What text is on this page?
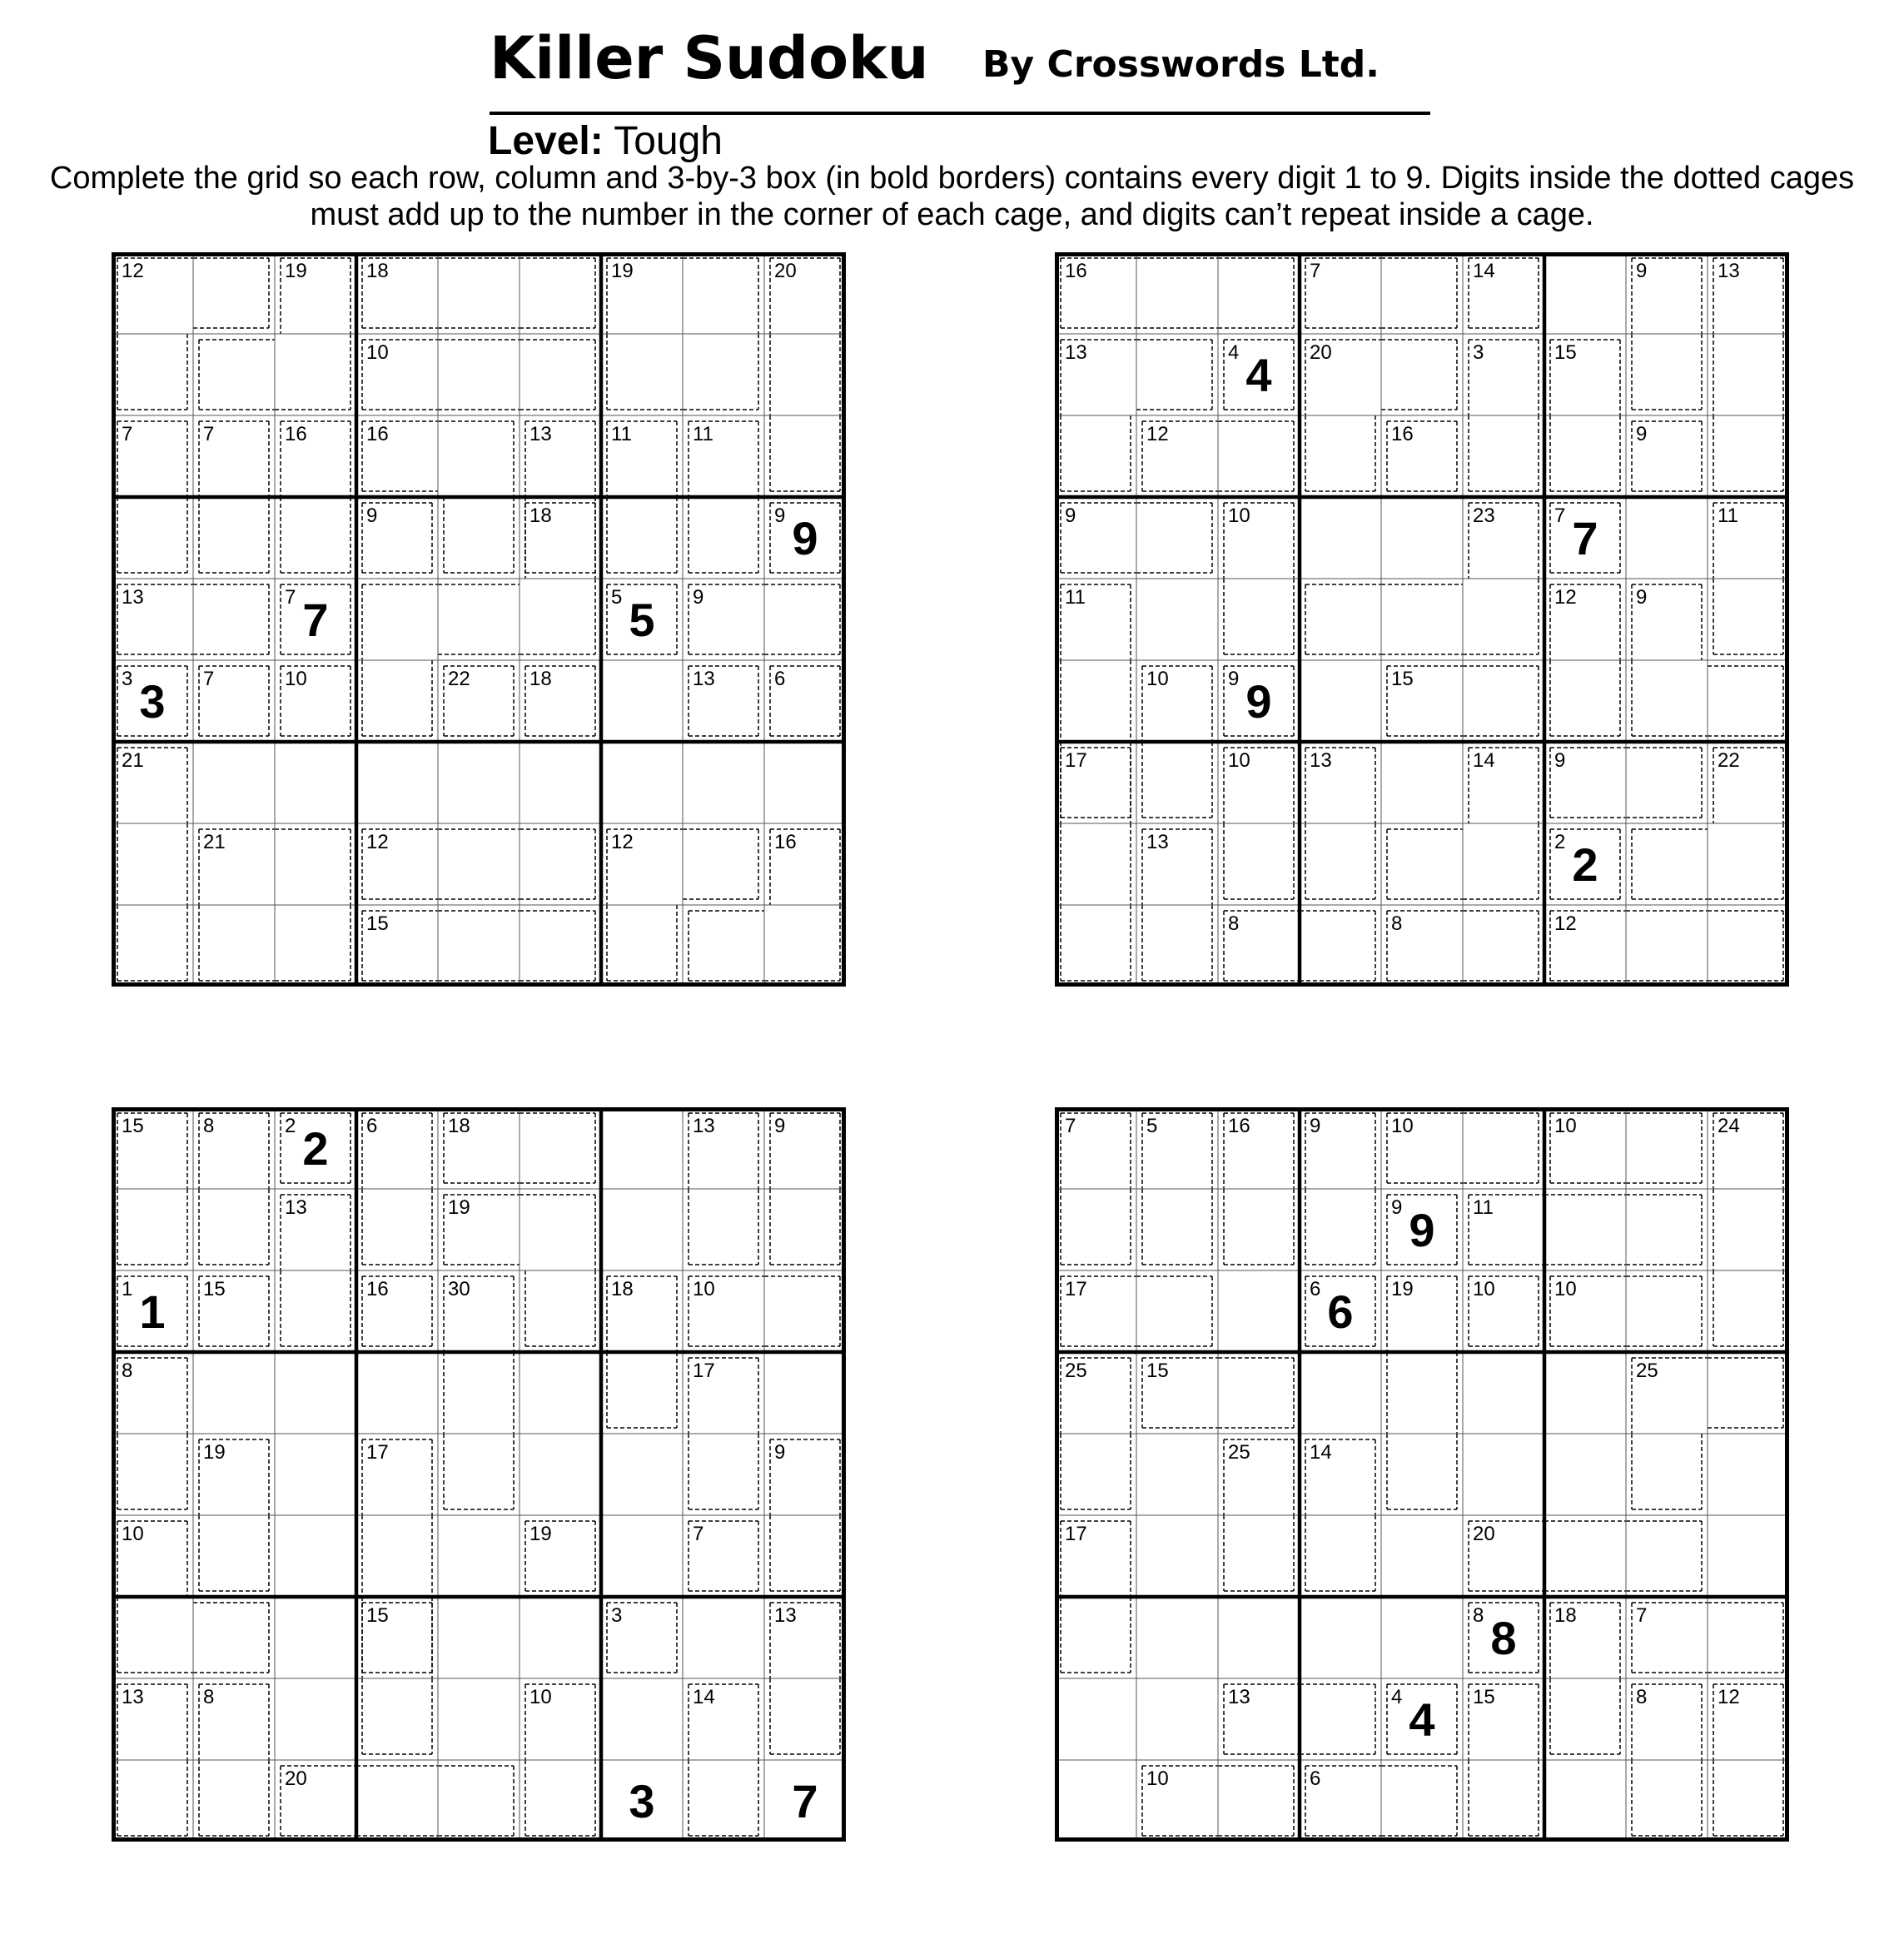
Killer Sudoku By Crosswords Ltd.
Level: Tough
Complete the grid so each row, column and 3-by-3 box (in bold borders) contains every digit 1 to 9. Digits inside the dotted cages must add up to the number in the corner of each cage, and digits can’t repeat inside a cage.
12	19	18	19	20
10
7	7	16	16	13	11	11
9	9
18
13	7	5	9
3	7	10	22	18	13	6
21
21	12	12	16
15
9
7	5
3
16	7	14	9	13
13	4	20	3	15
12	16	9
9	10	23	7	11
11	12	9
10	9	15
17	10	13	14	9	22
13	2
8	8	12
4
7
9
2
15	8	2	6	18	13	9
13	19
1	15	16	30	18	10
8	17
19	17	9
10	19	7
15	3	13
13	8	10	14
20
2
1
3	7
7	5	16	9	10	10	24
9	11
17	6	19	10	10
25	15	25
25	14
17	20
8	18	7
13	4	15	8	12
10	6
9
6
8
4
